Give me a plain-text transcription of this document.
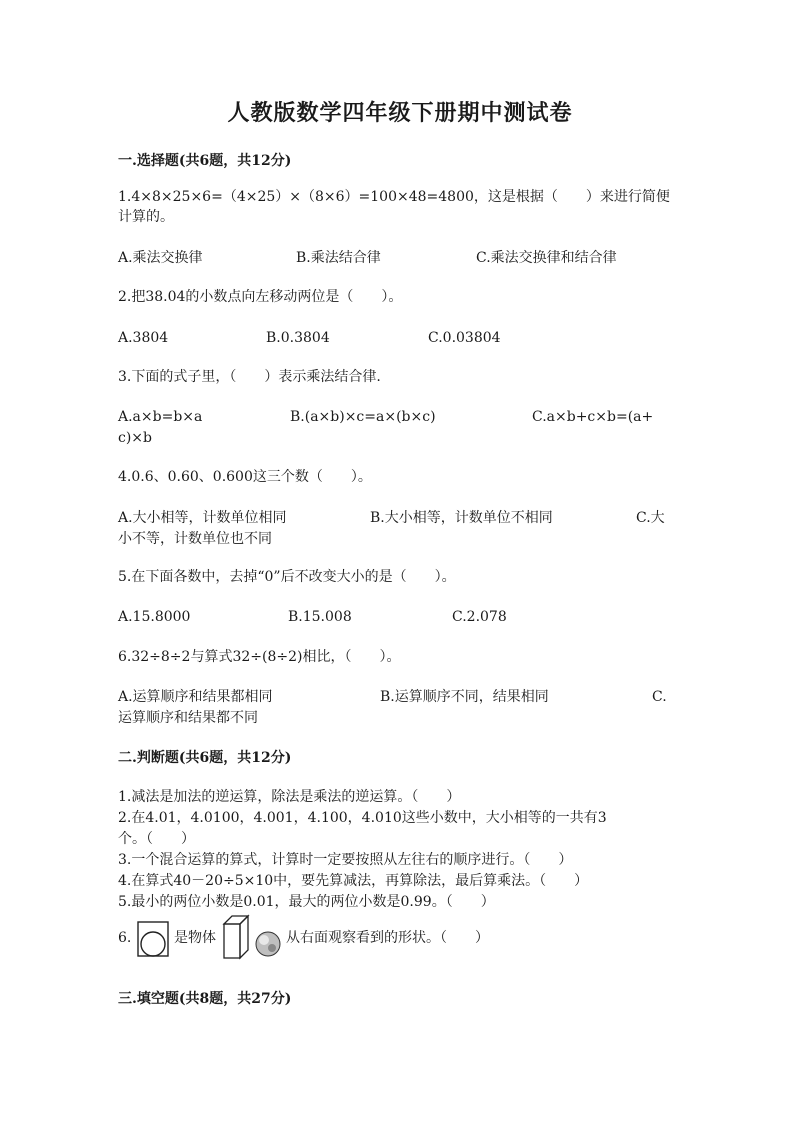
人教版数学四年级下册期中测试卷
一.选择题(共6题，共12分)
1.4×8×25×6=（4×25）×（8×6）=100×48=4800，这是根据（　　）来进行简便计算的。
A.乘法交换律	B.乘法结合律	C.乘法交换律和结合律
2.把38.04的小数点向左移动两位是（　　）。
A.3804	B.0.3804	C.0.03804
3.下面的式子里，（　　）表示乘法结合律.
A.a×b=b×a	B.(a×b)×c=a×(b×c)	C.a×b+c×b=(a+
c)×b
4.0.6、0.60、0.600这三个数（　　）。
A.大小相等，计数单位相同	B.大小相等，计数单位不相同	C.大
小不等，计数单位也不同
5.在下面各数中，去掉“0”后不改变大小的是（　　）。
A.15.8000	B.15.008	C.2.078
6.32÷8÷2与算式32÷(8÷2)相比，（　　）。
A.运算顺序和结果都相同	B.运算顺序不同，结果相同	C.
运算顺序和结果都不同
二.判断题(共6题，共12分)
1.减法是加法的逆运算，除法是乘法的逆运算。（　　）
2.在4.01，4.0100，4.001，4.100，4.010这些小数中，大小相等的一共有3
个。（　　）
3.一个混合运算的算式，计算时一定要按照从左往右的顺序进行。（　　）
4.在算式40－20÷5×10中，要先算减法，再算除法，最后算乘法。（　　）
5.最小的两位小数是0.01，最大的两位小数是0.99。（　　）
6.	是物体	从右面观察看到的形状。（　　）
三.填空题(共8题，共27分)
